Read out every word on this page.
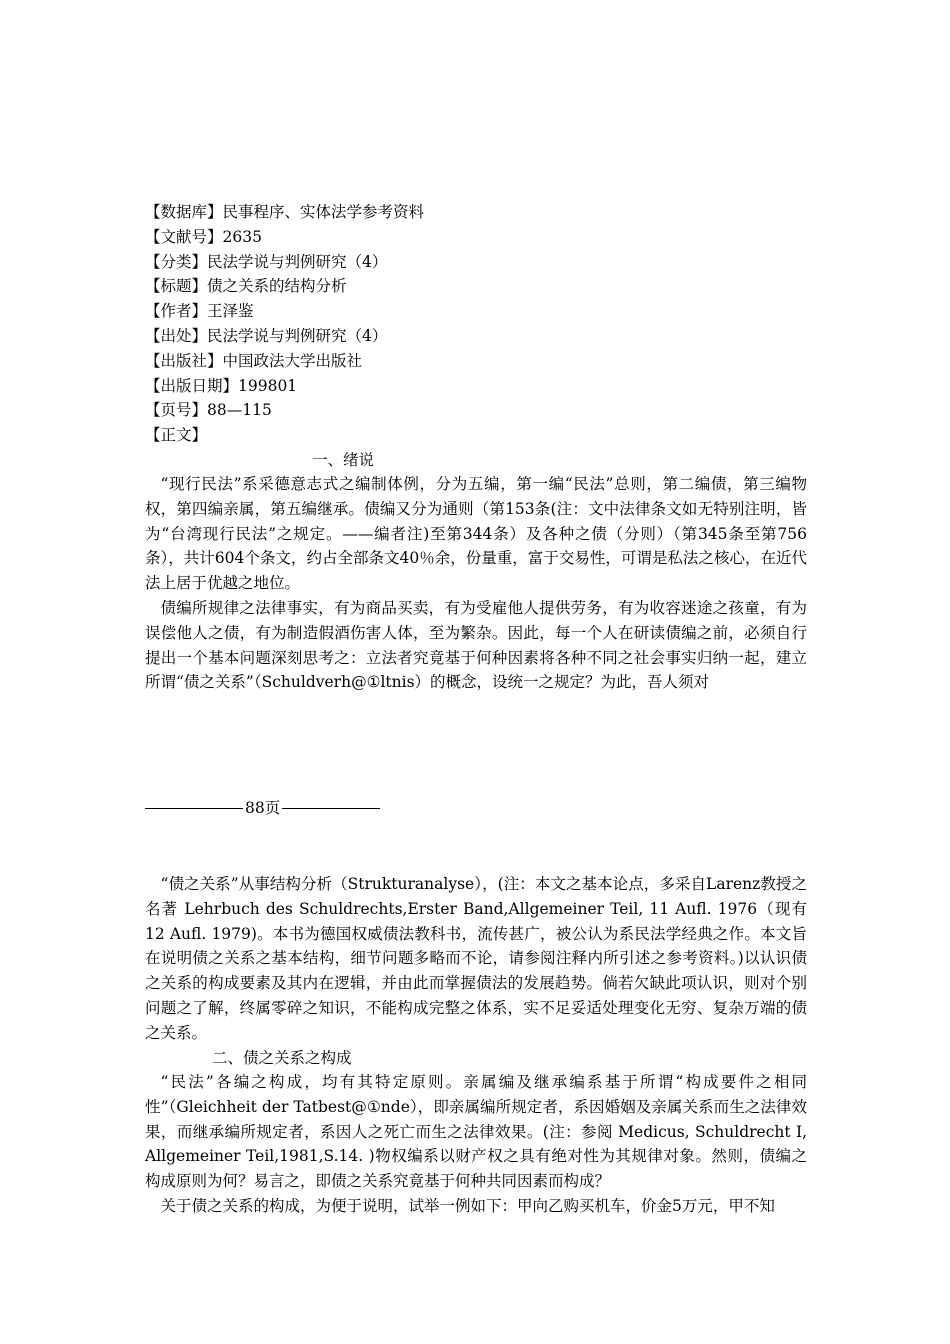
【数据库】民事程序、实体法学参考资料
【文献号】2635
【分类】民法学说与判例研究（4）
【标题】债之关系的结构分析
【作者】王泽鉴
【出处】民法学说与判例研究（4）
【出版社】中国政法大学出版社
【出版日期】199801
【页号】88—115
【正文】
一、绪说

“现行民法”系采德意志式之编制体例，分为五编，第一编“民法”总则，第二编债，第三编物权，第四编亲属，第五编继承。债编又分为通则（第153条(注：文中法律条文如无特别注明，皆为“台湾现行民法”之规定。——编者注)至第344条）及各种之债（分则）（第345条至第756条），共计604个条文，约占全部条文40％余，份量重，富于交易性，可谓是私法之核心，在近代法上居于优越之地位。

债编所规律之法律事实，有为商品买卖，有为受雇他人提供劳务，有为收容迷途之孩童，有为误偿他人之债，有为制造假酒伤害人体，至为繁杂。因此，每一个人在研读债编之前，必须自行提出一个基本问题深刻思考之：立法者究竟基于何种因素将各种不同之社会事实归纳一起，建立所谓“债之关系”（Schuldverh@①ltnis）的概念，设统一之规定？为此，吾人须对

88页

“债之关系”从事结构分析（Strukturanalyse），(注：本文之基本论点，多采自Larenz教授之名著 Lehrbuch des Schuldrechts,Erster Band,Allgemeiner Teil, 11 Aufl. 1976（现有12 Aufl. 1979)。本书为德国权威债法教科书，流传甚广，被公认为系民法学经典之作。本文旨在说明债之关系之基本结构，细节问题多略而不论，请参阅注释内所引述之参考资料。)以认识债之关系的构成要素及其内在逻辑，并由此而掌握债法的发展趋势。倘若欠缺此项认识，则对个别问题之了解，终属零碎之知识，不能构成完整之体系，实不足妥适处理变化无穷、复杂万端的债之关系。

二、债之关系之构成

“民法”各编之构成，均有其特定原则。亲属编及继承编系基于所谓“构成要件之相同性”（Gleichheit der Tatbest@①nde），即亲属编所规定者，系因婚姻及亲属关系而生之法律效果，而继承编所规定者，系因人之死亡而生之法律效果。(注：参阅 Medicus, Schuldrecht I, Allgemeiner Teil,1981,S.14. )物权编系以财产权之具有绝对性为其规律对象。然则，债编之构成原则为何？易言之，即债之关系究竟基于何种共同因素而构成？

关于债之关系的构成，为便于说明，试举一例如下：甲向乙购买机车，价金5万元，甲不知
